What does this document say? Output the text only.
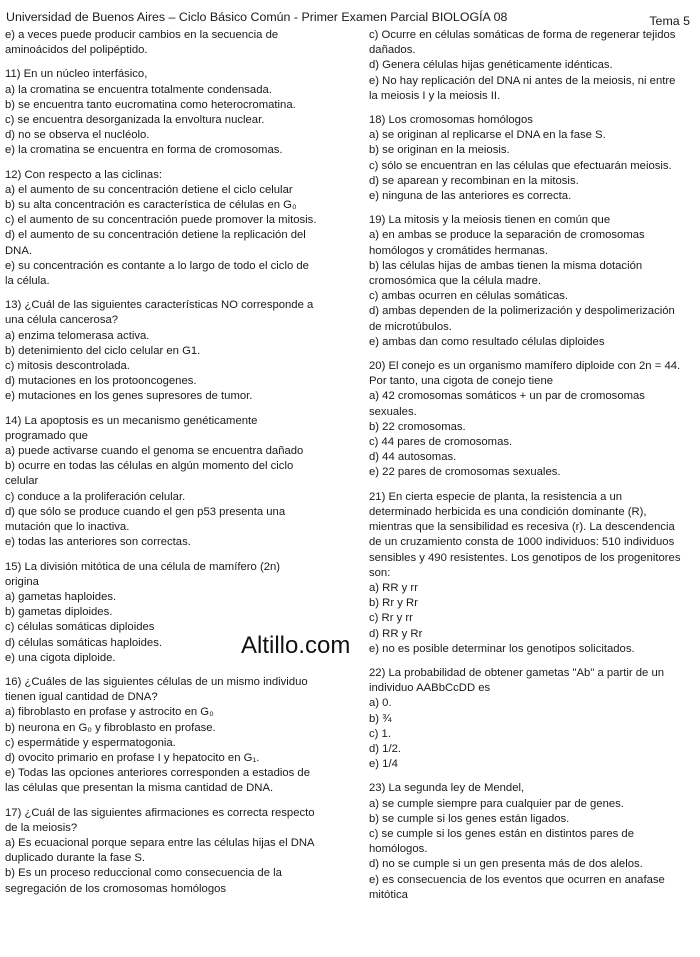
Universidad de Buenos Aires – Ciclo Básico Común - Primer Examen Parcial BIOLOGÍA 08	Tema 5
e) a veces puede producir cambios en la secuencia de
aminoácidos del polipéptido.
11) En un núcleo interfásico,
a) la cromatina se encuentra totalmente condensada.
b) se encuentra tanto eucromatina como heterocromatina.
c) se encuentra desorganizada la envoltura nuclear.
d) no se observa el nucléolo.
e) la cromatina se encuentra en forma de cromosomas.
12) Con respecto a las ciclinas:
a) el aumento de su concentración detiene el ciclo celular
b) su alta concentración es característica de células en G₀
c) el aumento de su concentración puede promover la mitosis.
d) el aumento de su concentración detiene la replicación del
DNA.
e) su concentración es contante a lo largo de todo el ciclo de
la célula.
13) ¿Cuál de las siguientes características NO corresponde a
una célula cancerosa?
a) enzima telomerasa activa.
b) detenimiento del ciclo celular en G1.
c) mitosis descontrolada.
d) mutaciones en los protooncogenes.
e) mutaciones en los genes supresores de tumor.
14) La apoptosis es un mecanismo genéticamente
programado que
a) puede activarse cuando el genoma se encuentra dañado
b) ocurre en todas las células en algún momento del ciclo
celular
c) conduce a la proliferación celular.
d) que sólo se produce cuando el gen p53 presenta una
mutación que lo inactiva.
e) todas las anteriores son correctas.
15) La división mitótica de una célula de mamífero (2n)
origina
a) gametas haploides.
b) gametas diploides.
c) células somáticas diploides
d) células somáticas haploides.
e) una cigota diploide.
16) ¿Cuáles de las siguientes células de un mismo individuo
tienen igual cantidad de DNA?
a) fibroblasto en profase y astrocito en G₀
b) neurona en G₀ y fibroblasto en profase.
c) espermátide y espermatogonia.
d) ovocito primario en profase I y hepatocito en G₁.
e) Todas las opciones anteriores corresponden a estadios de
las células que presentan la misma cantidad de DNA.
17) ¿Cuál de las siguientes afirmaciones es correcta respecto
de la meiosis?
a) Es ecuacional porque separa entre las células hijas el DNA
duplicado durante la fase S.
b) Es un proceso reduccional como consecuencia de la
segregación de los cromosomas homólogos
c) Ocurre en células somáticas de forma de regenerar tejidos
dañados.
d) Genera células hijas genéticamente idénticas.
e) No hay replicación del DNA ni antes de la meiosis, ni entre
la meiosis I y la meiosis II.
18) Los cromosomas homólogos
a) se originan al replicarse el DNA en la fase S.
b) se originan en la meiosis.
c) sólo se encuentran en las células que efectuarán meiosis.
d) se aparean y recombinan en la mitosis.
e) ninguna de las anteriores es correcta.
19) La mitosis y la meiosis tienen en común que
a) en ambas se produce la separación de cromosomas
homólogos y cromátides hermanas.
b) las células hijas de ambas tienen la misma dotación
cromosómica que la célula madre.
c) ambas ocurren en células somáticas.
d) ambas dependen de la polimerización y despolimerización
de microtúbulos.
e) ambas dan como resultado células diploides
20) El conejo es un organismo mamífero diploide con 2n = 44.
Por tanto, una cigota de conejo tiene
a) 42 cromosomas somáticos + un par de cromosomas
sexuales.
b) 22 cromosomas.
c) 44 pares de cromosomas.
d) 44 autosomas.
e) 22 pares de cromosomas sexuales.
21) En cierta especie de planta, la resistencia a un
determinado herbicida es una condición dominante (R),
mientras que la sensibilidad es recesiva (r). La descendencia
de un cruzamiento consta de 1000 individuos: 510 individuos
sensibles y 490 resistentes. Los genotipos de los progenitores
son:
a) RR y rr
b) Rr y Rr
c) Rr y rr
d) RR y Rr
e) no es posible determinar los genotipos solicitados.
22) La probabilidad de obtener gametas "Ab" a partir de un
individuo AABbCcDD es
a) 0.
b) ¾
c) 1.
d) 1/2.
e) 1/4
23) La segunda ley de Mendel,
a) se cumple siempre para cualquier par de genes.
b) se cumple si los genes están ligados.
c) se cumple si los genes están en distintos pares de
homólogos.
d) no se cumple si un gen presenta más de dos alelos.
e) es consecuencia de los eventos que ocurren en anafase
mitótica
Altillo.com
